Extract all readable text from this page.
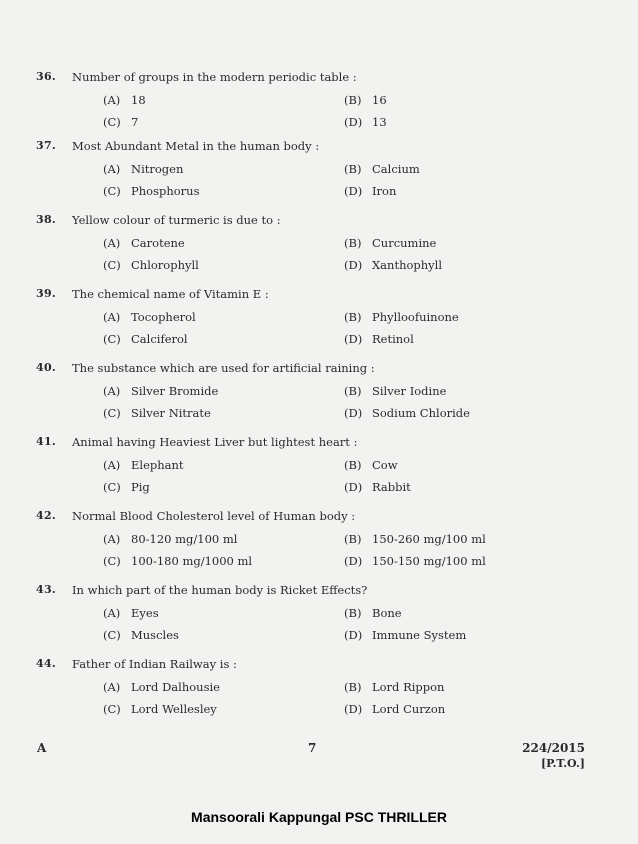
36. Number of groups in the modern periodic table :
(A) 18	(B) 16
(C) 7	(D) 13
37. Most Abundant Metal in the human body :
(A) Nitrogen	(B) Calcium
(C) Phosphorus	(D) Iron
38. Yellow colour of turmeric is due to :
(A) Carotene	(B) Curcumine
(C) Chlorophyll	(D) Xanthophyll
39. The chemical name of Vitamin E :
(A) Tocopherol	(B) Phylloofuinone
(C) Calciferol	(D) Retinol
40. The substance which are used for artificial raining :
(A) Silver Bromide	(B) Silver Iodine
(C) Silver Nitrate	(D) Sodium Chloride
41. Animal having Heaviest Liver but lightest heart :
(A) Elephant	(B) Cow
(C) Pig	(D) Rabbit
42. Normal Blood Cholesterol level of Human body :
(A) 80-120 mg/100 ml	(B) 150-260 mg/100 ml
(C) 100-180 mg/1000 ml	(D) 150-150 mg/100 ml
43. In which part of the human body is Ricket Effects?
(A) Eyes	(B) Bone
(C) Muscles	(D) Immune System
44. Father of Indian Railway is :
(A) Lord Dalhousie	(B) Lord Rippon
(C) Lord Wellesley	(D) Lord Curzon
A	7	224/2015
[P.T.O.]
Mansoorali Kappungal PSC THRILLER
